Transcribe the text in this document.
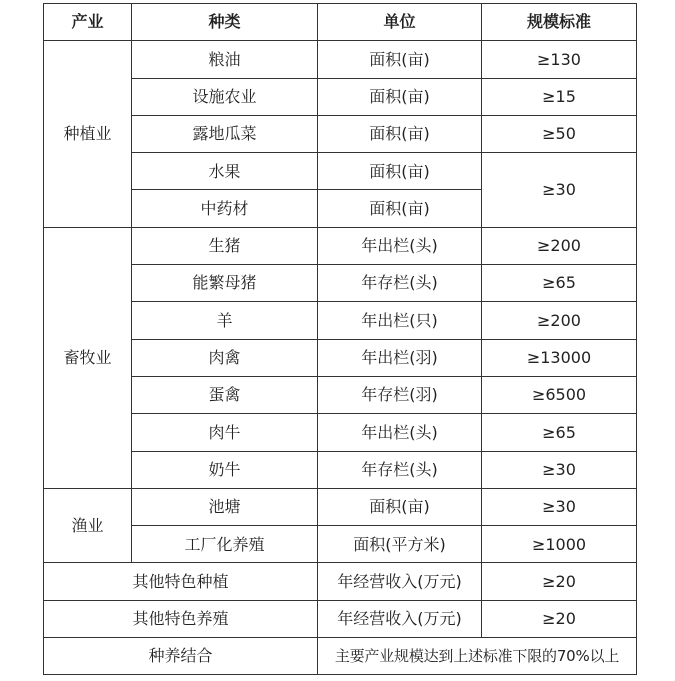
产业	种类	单位	规模标准
种植业	粮油	面积(亩)	≥130
	设施农业	面积(亩)	≥15
	露地瓜菜	面积(亩)	≥50
	水果	面积(亩)	≥30
	中药材	面积(亩)	
畜牧业	生猪	年出栏(头)	≥200
	能繁母猪	年存栏(头)	≥65
	羊	年出栏(只)	≥200
	肉禽	年出栏(羽)	≥13000
	蛋禽	年存栏(羽)	≥6500
	肉牛	年出栏(头)	≥65
	奶牛	年存栏(头)	≥30
渔业	池塘	面积(亩)	≥30
	工厂化养殖	面积(平方米)	≥1000
其他特色种植		年经营收入(万元)	≥20
其他特色养殖		年经营收入(万元)	≥20
种养结合		主要产业规模达到上述标准下限的70%以上	
